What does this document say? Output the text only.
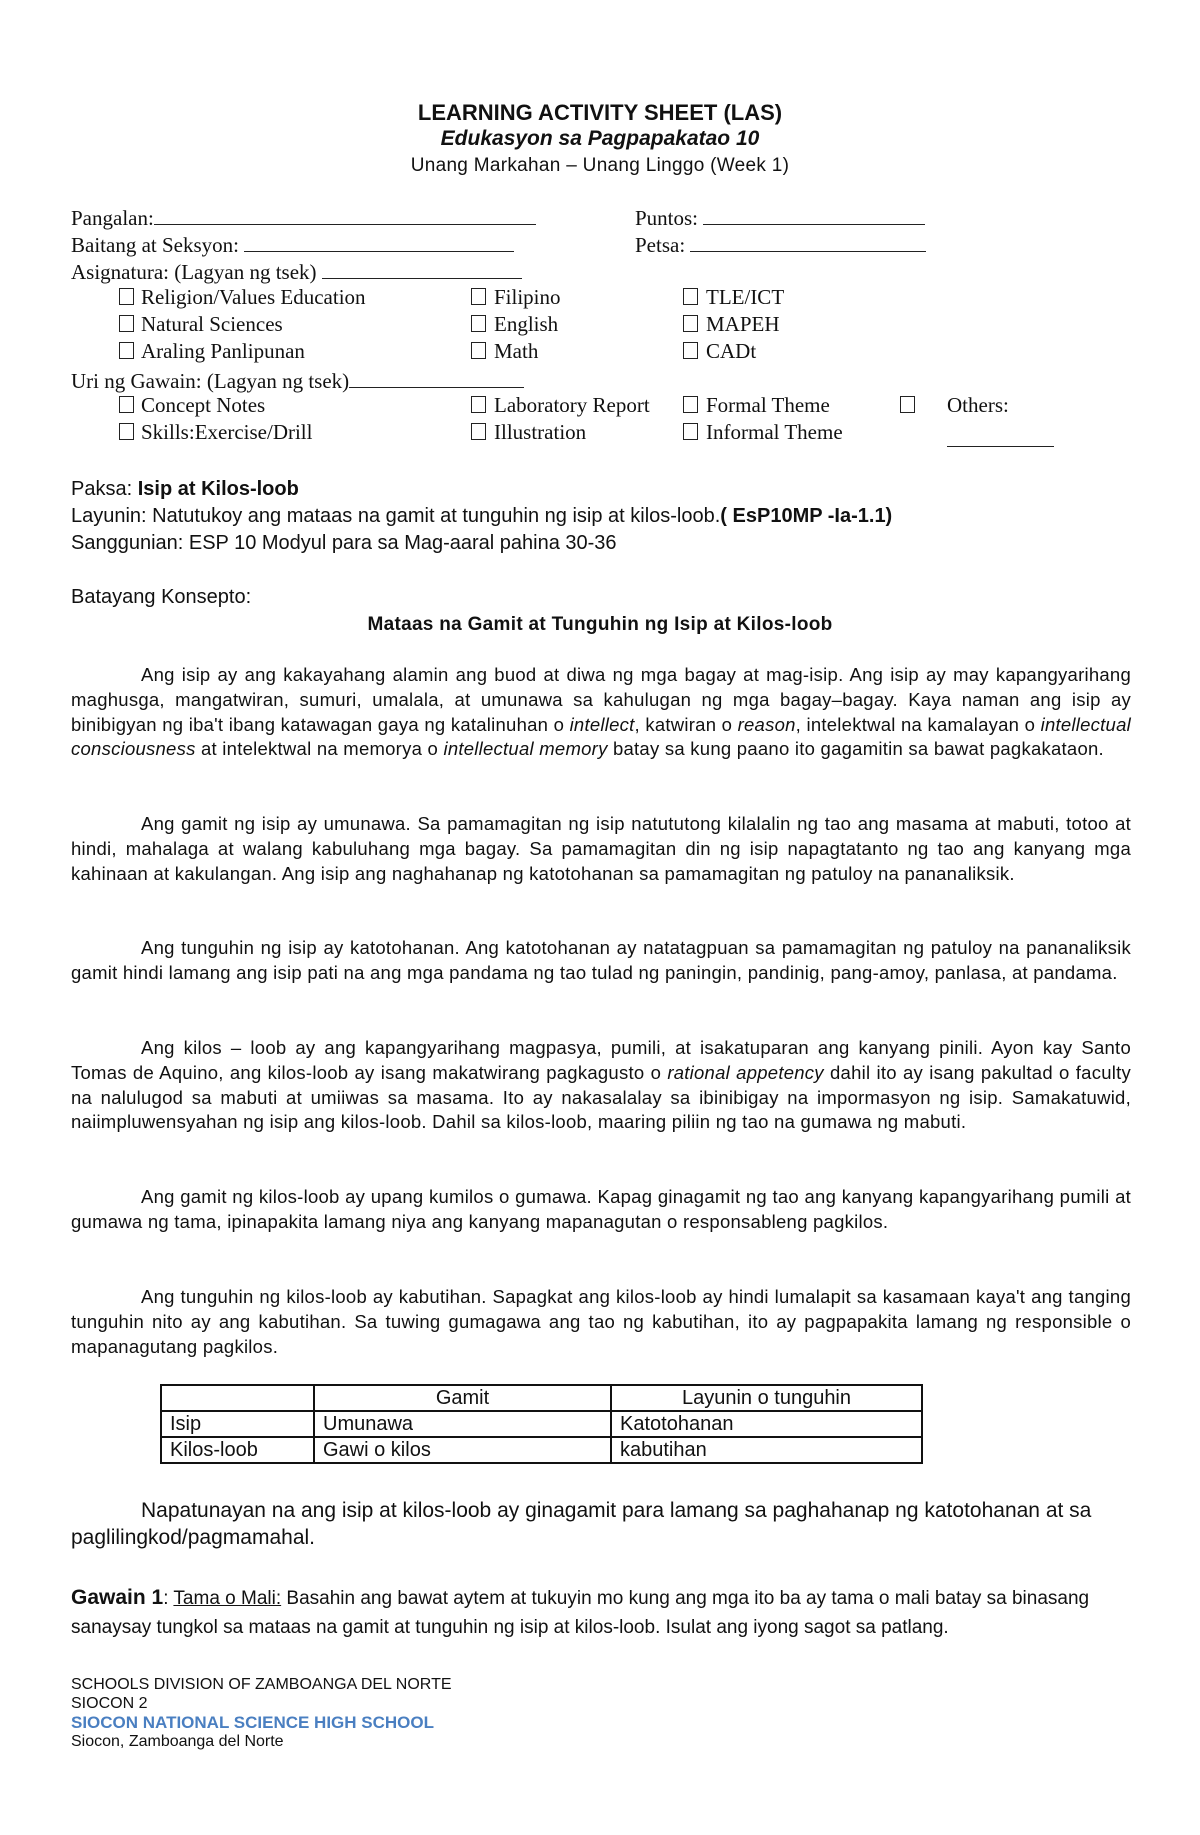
LEARNING ACTIVITY SHEET (LAS)
Edukasyon sa Pagpapakatao 10
Unang Markahan – Unang Linggo (Week 1)
Pangalan:	Puntos:
Baitang at Seksyon:	Petsa:
Asignatura: (Lagyan ng tsek)
Religion/Values Education
Natural Sciences
Araling Panlipunan
Filipino
English
Math
TLE/ICT
MAPEH
CADt
Uri ng Gawain: (Lagyan ng tsek)
Concept Notes
Skills:Exercise/Drill
Laboratory Report
Illustration
Formal Theme
Informal Theme
Others:
Paksa: Isip at Kilos-loob
Layunin: Natutukoy ang mataas na gamit at tunguhin ng isip at kilos-loob.( EsP10MP -Ia-1.1)
Sanggunian: ESP 10 Modyul para sa Mag-aaral pahina 30-36
Batayang Konsepto:
Mataas na Gamit at Tunguhin ng Isip at Kilos-loob

Ang isip ay ang kakayahang alamin ang buod at diwa ng mga bagay at mag-isip. Ang isip ay may kapangyarihang maghusga, mangatwiran, sumuri, umalala, at umunawa sa kahulugan ng mga bagay–bagay. Kaya naman ang isip ay binibigyan ng iba't ibang katawagan gaya ng katalinuhan o intellect, katwiran o reason, intelektwal na kamalayan o intellectual consciousness at intelektwal na memorya o intellectual memory batay sa kung paano ito gagamitin sa bawat pagkakataon.

Ang gamit ng isip ay umunawa. Sa pamamagitan ng isip natututong kilalalin ng tao ang masama at mabuti, totoo at hindi, mahalaga at walang kabuluhang mga bagay. Sa pamamagitan din ng isip napagtatanto ng tao ang kanyang mga kahinaan at kakulangan. Ang isip ang naghahanap ng katotohanan sa pamamagitan ng patuloy na pananaliksik.

Ang tunguhin ng isip ay katotohanan. Ang katotohanan ay natatagpuan sa pamamagitan ng patuloy na pananaliksik gamit hindi lamang ang isip pati na ang mga pandama ng tao tulad ng paningin, pandinig, pang-amoy, panlasa, at pandama.

Ang kilos – loob ay ang kapangyarihang magpasya, pumili, at isakatuparan ang kanyang pinili. Ayon kay Santo Tomas de Aquino, ang kilos-loob ay isang makatwirang pagkagusto o rational appetency dahil ito ay isang pakultad o faculty na nalulugod sa mabuti at umiiwas sa masama. Ito ay nakasalalay sa ibinibigay na impormasyon ng isip. Samakatuwid, naiimpluwensyahan ng isip ang kilos-loob. Dahil sa kilos-loob, maaring piliin ng tao na gumawa ng mabuti.

Ang gamit ng kilos-loob ay upang kumilos o gumawa. Kapag ginagamit ng tao ang kanyang kapangyarihang pumili at gumawa ng tama, ipinapakita lamang niya ang kanyang mapanagutan o responsableng pagkilos.

Ang tunguhin ng kilos-loob ay kabutihan. Sapagkat ang kilos-loob ay hindi lumalapit sa kasamaan kaya't ang tanging tunguhin nito ay ang kabutihan. Sa tuwing gumagawa ang tao ng kabutihan, ito ay pagpapakita lamang ng responsible o mapanagutang pagkilos.

	Gamit	Layunin o tunguhin
Isip	Umunawa	Katotohanan
Kilos-loob	Gawi o kilos	kabutihan

Napatunayan na ang isip at kilos-loob ay ginagamit para lamang sa paghahanap ng katotohanan at sa paglilingkod/pagmamahal.

Gawain 1: Tama o Mali: Basahin ang bawat aytem at tukuyin mo kung ang mga ito ba ay tama o mali batay sa binasang sanaysay tungkol sa mataas na gamit at tunguhin ng isip at kilos-loob. Isulat ang iyong sagot sa patlang.
SCHOOLS DIVISION OF ZAMBOANGA DEL NORTE
SIOCON 2
SIOCON NATIONAL SCIENCE HIGH SCHOOL
Siocon, Zamboanga del Norte
